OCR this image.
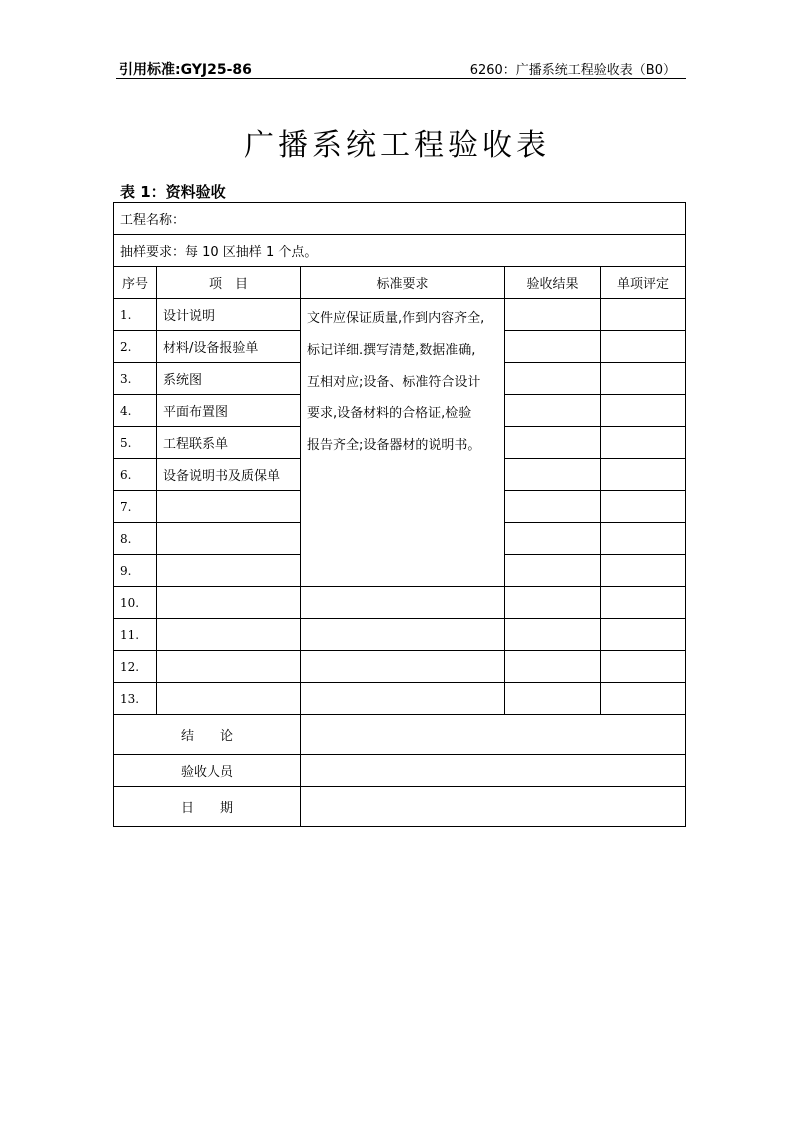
引用标准:GYJ25-86	6260：广播系统工程验收表（B0）
广播系统工程验收表
表 1：资料验收
工程名称：				
抽样要求：每 10 区抽样 1 个点。				
序号	项　目	标准要求	验收结果	单项评定
1.	设计说明	文件应保证质量,作到内容齐全,
标记详细.撰写清楚,数据准确,
互相对应;设备、标准符合设计
要求,设备材料的合格证,检验
报告齐全;设备器材的说明书。		

2.	材料/设备报验单			
3.	系统图			
4.	平面布置图			
5.	工程联系单			
6.	设备说明书及质保单			
7.				
8.				
9.				
10.				
11.				
12.				
13.				
结　　论				
验收人员				
日　　期				
